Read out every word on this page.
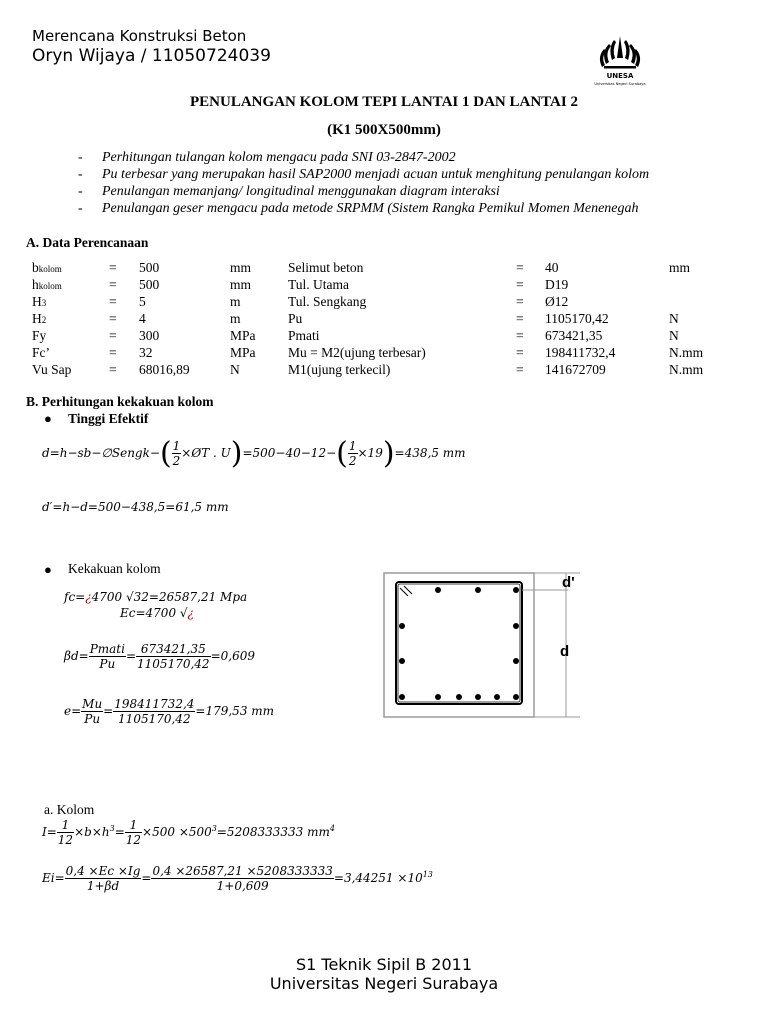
Merencana Konstruksi Beton
Oryn Wijaya / 11050724039
UNESA
Universitas Negeri Surabaya
PENULANGAN KOLOM TEPI LANTAI 1 DAN LANTAI 2
(K1 500X500mm)
- Perhitungan tulangan kolom mengacu pada SNI 03-2847-2002
- Pu terbesar yang merupakan hasil SAP2000 menjadi acuan untuk menghitung penulangan kolom
- Penulangan memanjang/ longitudinal menggunakan diagram interaksi
- Penulangan geser mengacu pada metode SRPMM (Sistem Rangka Pemikul Momen Menenegah
A. Data Perencanaan
bkolom	= 500	mm	Selimut beton	= 40	mm
hkolom	= 500	mm	Tul. Utama	= D19
H3	= 5	m	Tul. Sengkang	= Ø12
H2	= 4	m	Pu	= 1105170,42	N
Fy	= 300	MPa Pmati	= 673421,35	N
Fc’	= 32	MPa Mu = M2(ujung terbesar)	= 198411732,4	N.mm
Vu Sap	= 68016,89	N	M1(ujung terkecil)	= 141672709	N.mm
B. Perhitungan kekakuan kolom
● Tinggi Efektif
d=h−sb−∅Sengk−( $\frac{1}{2}$ ×ØT . $U)=500-40-12-( \frac{1}{2} \times 19)=438,5$ mm
d′=h−d=500−438,5=61,5 mm
● Kekakuan kolom
fc=¿4700 √32=26587,21 Mpa
Ec=4700 √¿
$\beta d= \frac{\text{Pmati}}{Pu} = \frac{673421,35}{1105170,42} =0,609$
$e= \frac{Mu}{Pu} = \frac{198411732,4}{1105170,42} =179,53$ mm
d'
d
a. Kolom
$I= \frac{1}{12} \times b\times h^3= \frac{1}{12} \times 500 \times 500^3=5208333333$ $mm^4$
$Ei= \frac{0,4 \times Ec \times Ig}{1+\beta d} = \frac{0,4 \times 26587,21 \times 5208333333}{1+0,609} =3,44251 \times 10^{13}$
S1 Teknik Sipil B 2011
Universitas Negeri Surabaya
